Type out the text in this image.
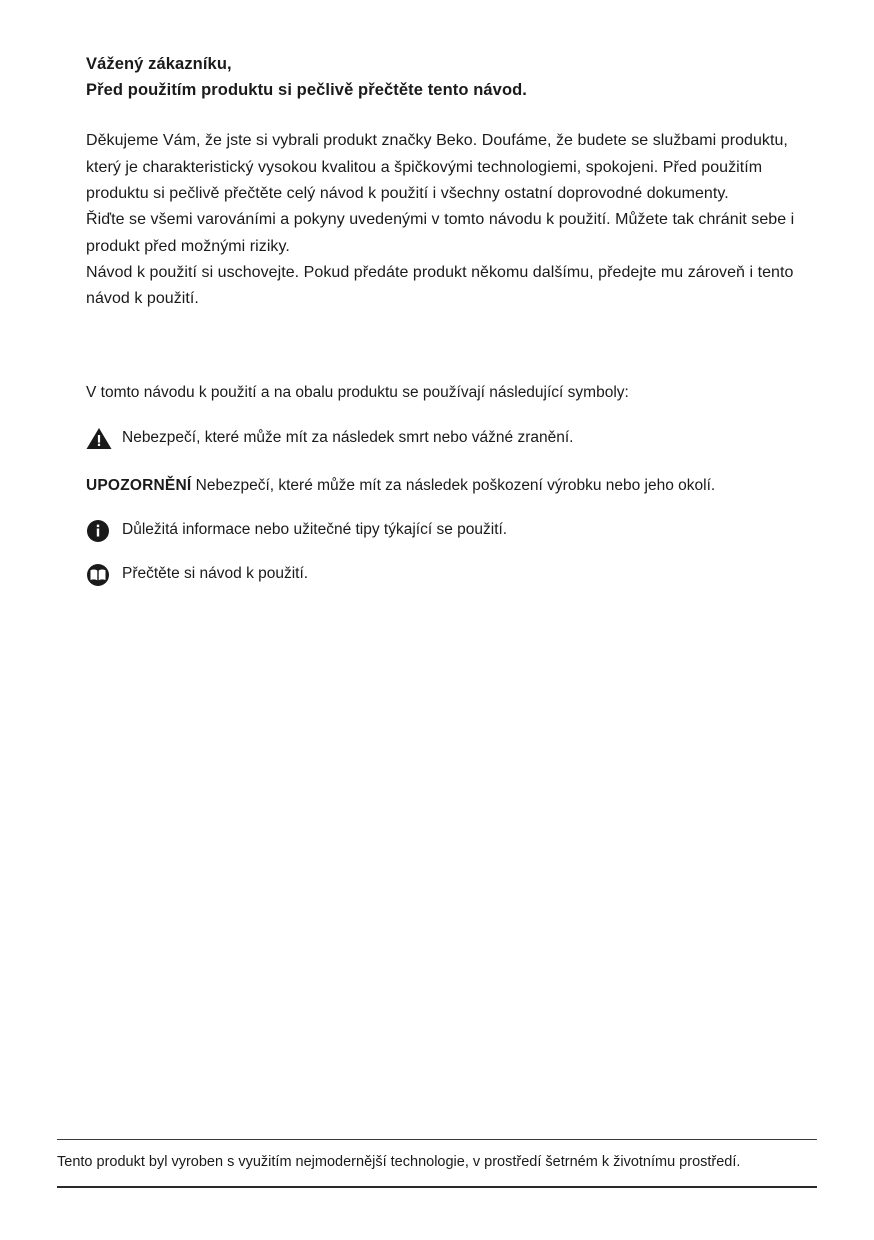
Vážený zákazníku,
Před použitím produktu si pečlivě přečtěte tento návod.

Děkujeme Vám, že jste si vybrali produkt značky Beko. Doufáme, že budete se službami produktu, který je charakteristický vysokou kvalitou a špičkovými technologiemi, spokojeni. Před použitím produktu si pečlivě přečtěte celý návod k použití i všechny ostatní doprovodné dokumenty.

Řiďte se všemi varováními a pokyny uvedenými v tomto návodu k použití. Můžete tak chránit sebe i produkt před možnými riziky.

Návod k použití si uschovejte. Pokud předáte produkt někomu dalšímu, předejte mu zároveň i tento návod k použití.

V tomto návodu k použití a na obalu produktu se používají následující symboly:
Nebezpečí, které může mít za následek smrt nebo vážné zranění.
UPOZORNĚNÍ Nebezpečí, které může mít za následek poškození výrobku nebo jeho okolí.
Důležitá informace nebo užitečné tipy týkající se použití.
Přečtěte si návod k použití.
Tento produkt byl vyroben s využitím nejmodernější technologie, v prostředí šetrném k životnímu prostředí.
